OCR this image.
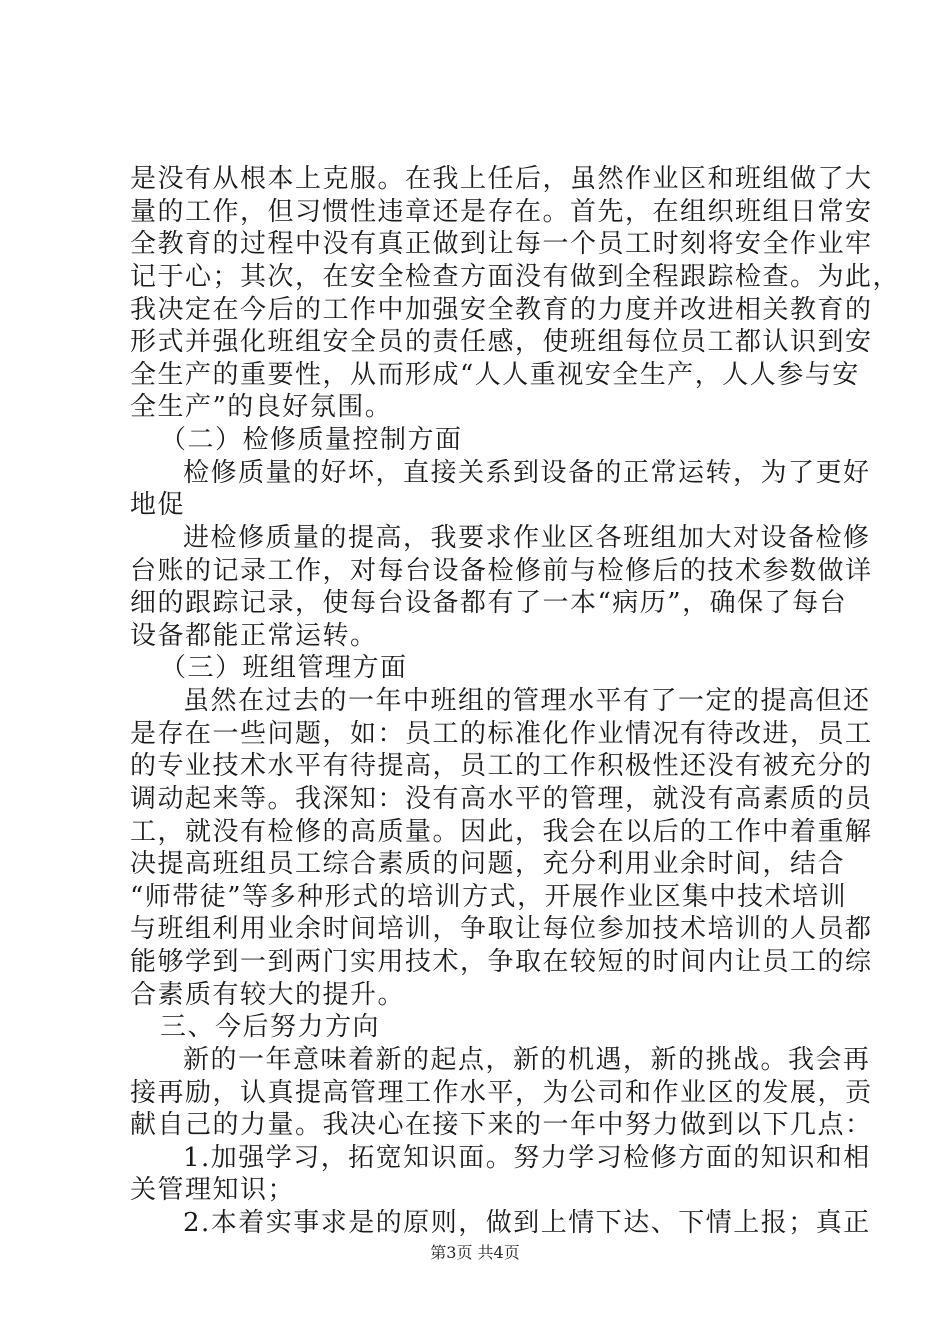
是没有从根本上克服。在我上任后，虽然作业区和班组做了大
量的工作，但习惯性违章还是存在。首先，在组织班组日常安
全教育的过程中没有真正做到让每一个员工时刻将安全作业牢
记于心；其次，在安全检查方面没有做到全程跟踪检查。为此，
我决定在今后的工作中加强安全教育的力度并改进相关教育的
形式并强化班组安全员的责任感，使班组每位员工都认识到安
全生产的重要性，从而形成“人人重视安全生产，人人参与安
全生产”的良好氛围。
（二）检修质量控制方面
检修质量的好坏，直接关系到设备的正常运转，为了更好
地促
进检修质量的提高，我要求作业区各班组加大对设备检修
台账的记录工作，对每台设备检修前与检修后的技术参数做详
细的跟踪记录，使每台设备都有了一本“病历”，确保了每台
设备都能正常运转。
（三）班组管理方面
虽然在过去的一年中班组的管理水平有了一定的提高但还
是存在一些问题，如：员工的标准化作业情况有待改进，员工
的专业技术水平有待提高，员工的工作积极性还没有被充分的
调动起来等。我深知：没有高水平的管理，就没有高素质的员
工，就没有检修的高质量。因此，我会在以后的工作中着重解
决提高班组员工综合素质的问题，充分利用业余时间，结合
“师带徒”等多种形式的培训方式，开展作业区集中技术培训
与班组利用业余时间培训，争取让每位参加技术培训的人员都
能够学到一到两门实用技术，争取在较短的时间内让员工的综
合素质有较大的提升。
三、今后努力方向
新的一年意味着新的起点，新的机遇，新的挑战。我会再
接再励，认真提高管理工作水平，为公司和作业区的发展，贡
献自己的力量。我决心在接下来的一年中努力做到以下几点：
1.加强学习，拓宽知识面。努力学习检修方面的知识和相
关管理知识；
2.本着实事求是的原则，做到上情下达、下情上报；真正
第3页 共4页
